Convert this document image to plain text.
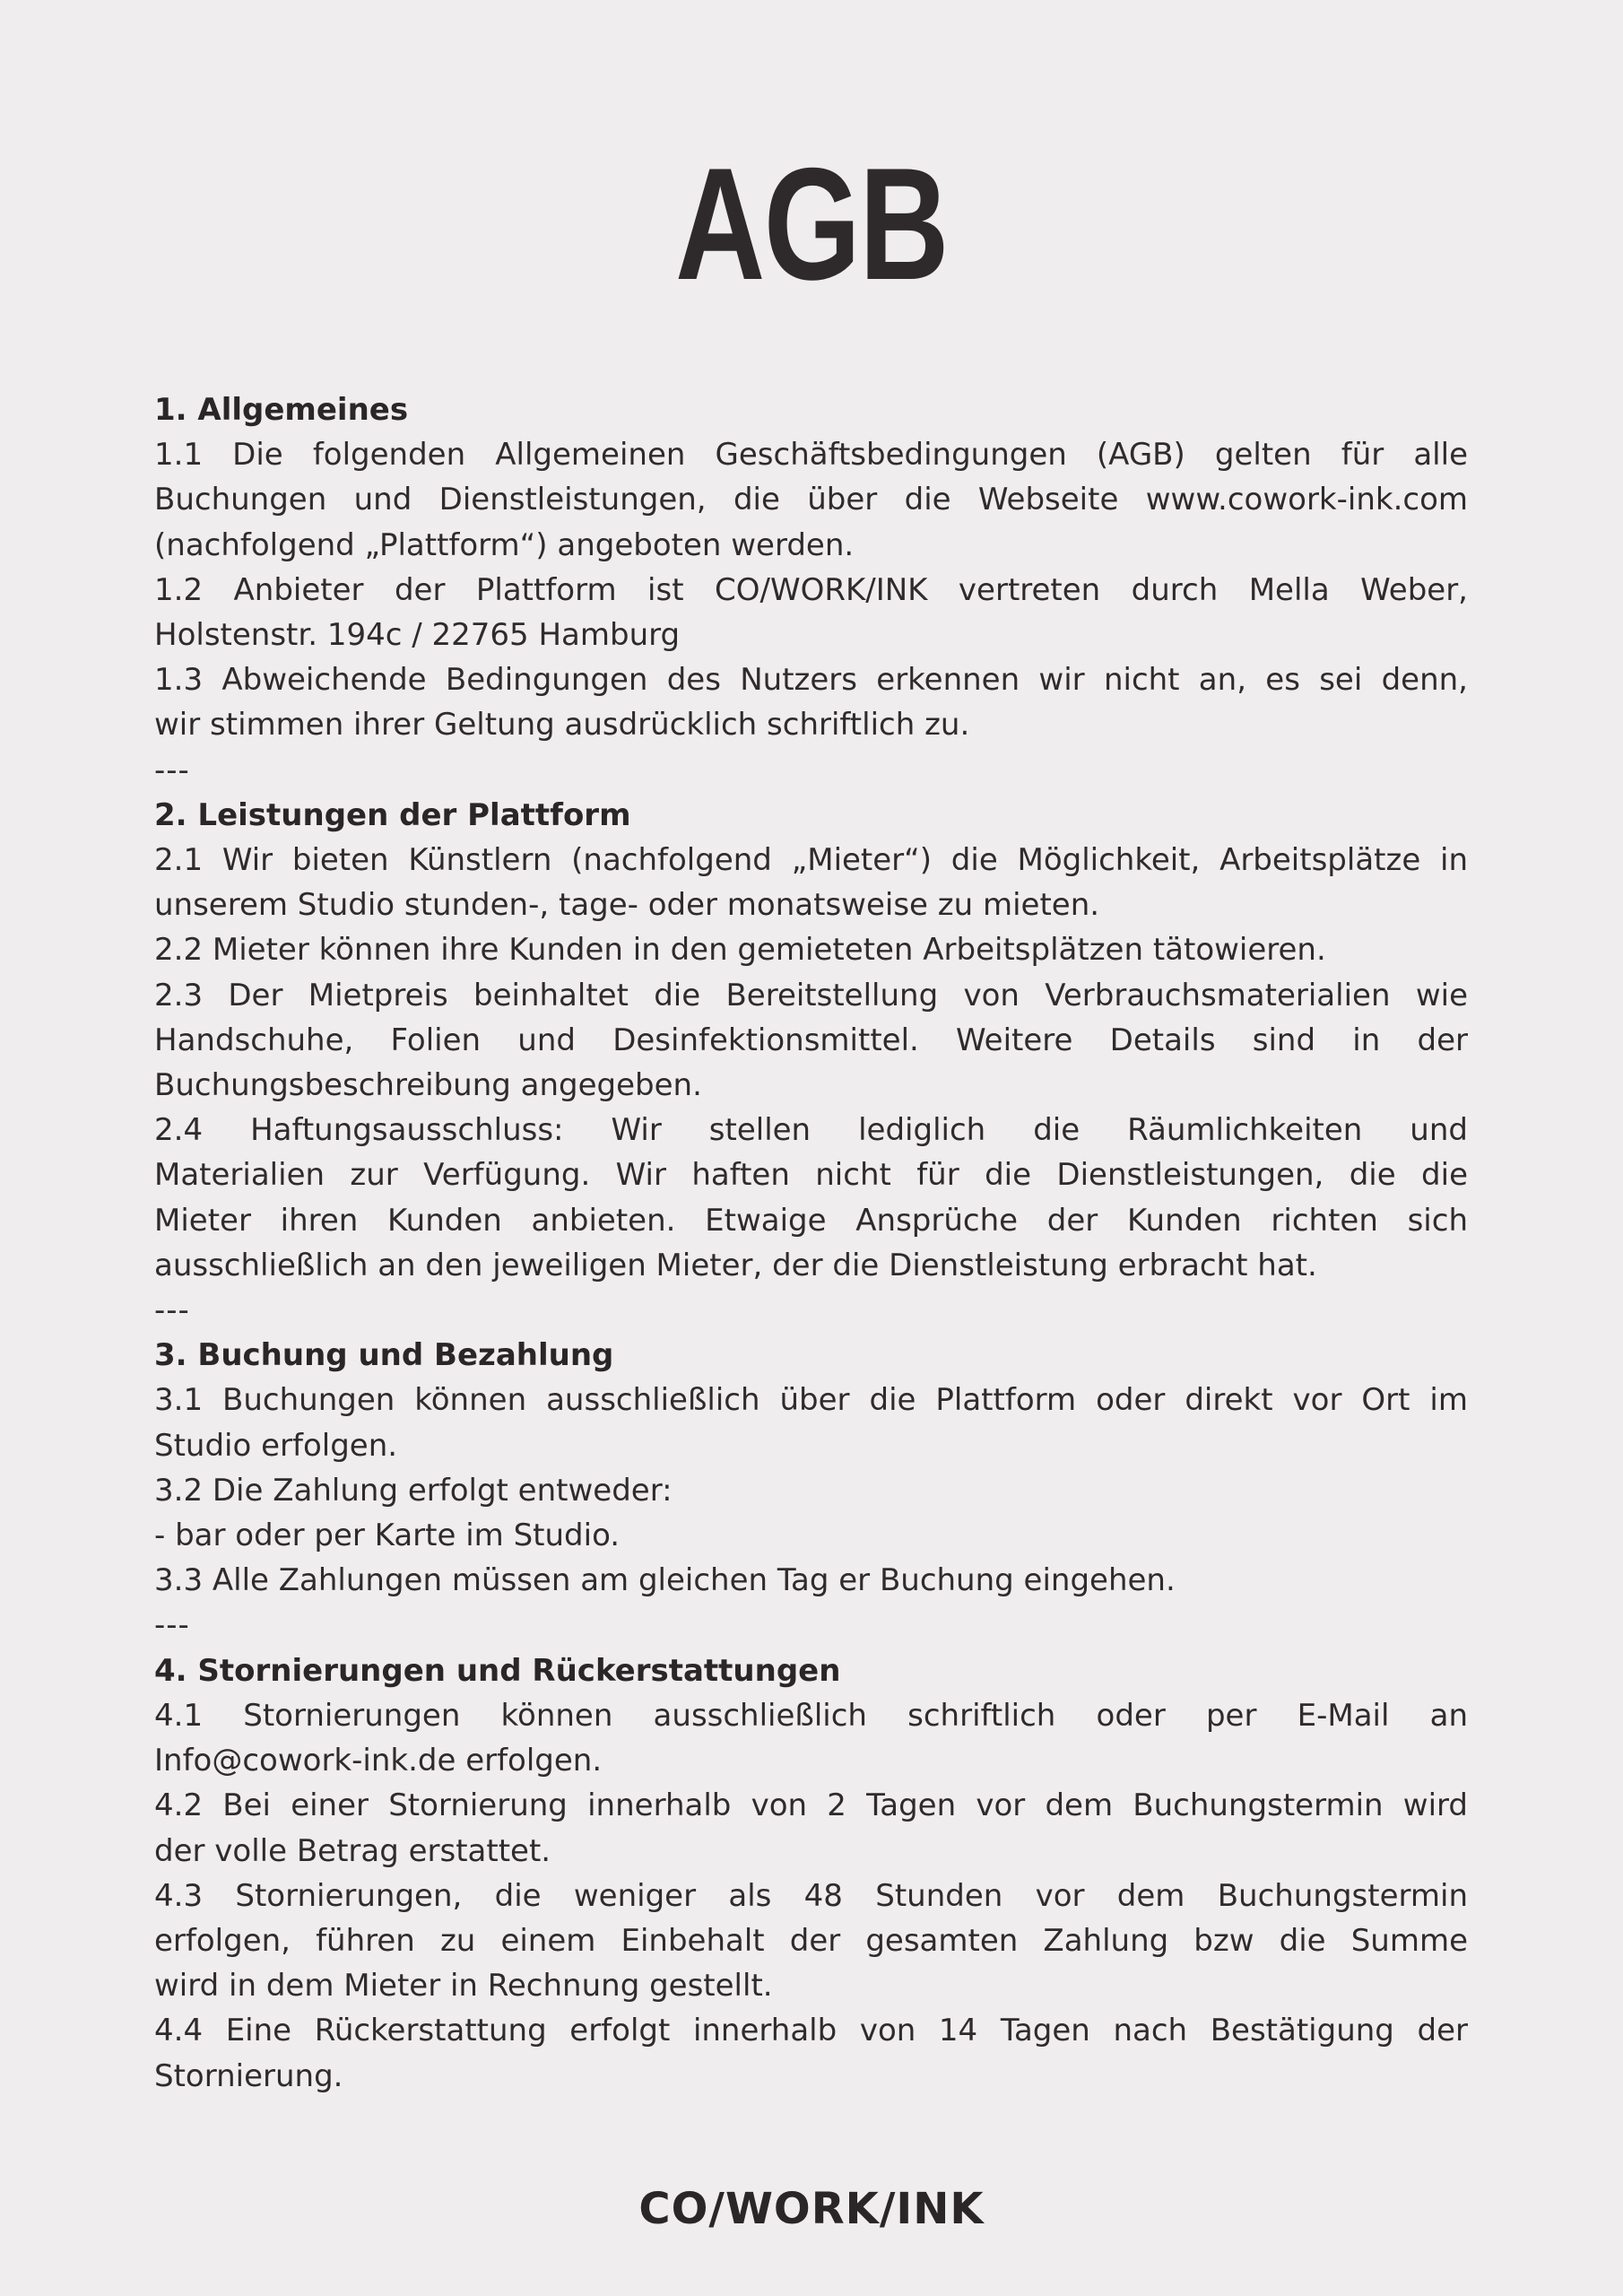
AGB
1. Allgemeines
1.1 Die folgenden Allgemeinen Geschäftsbedingungen (AGB) gelten für alle
Buchungen und Dienstleistungen, die über die Webseite www.cowork-ink.com
(nachfolgend „Plattform“) angeboten werden.
1.2 Anbieter der Plattform ist CO/WORK/INK vertreten durch Mella Weber,
Holstenstr. 194c / 22765 Hamburg
1.3 Abweichende Bedingungen des Nutzers erkennen wir nicht an, es sei denn,
wir stimmen ihrer Geltung ausdrücklich schriftlich zu.
---
2. Leistungen der Plattform
2.1 Wir bieten Künstlern (nachfolgend „Mieter“) die Möglichkeit, Arbeitsplätze in
unserem Studio stunden-, tage- oder monatsweise zu mieten.
2.2 Mieter können ihre Kunden in den gemieteten Arbeitsplätzen tätowieren.
2.3 Der Mietpreis beinhaltet die Bereitstellung von Verbrauchsmaterialien wie
Handschuhe, Folien und Desinfektionsmittel. Weitere Details sind in der
Buchungsbeschreibung angegeben.
2.4 Haftungsausschluss: Wir stellen lediglich die Räumlichkeiten und
Materialien zur Verfügung. Wir haften nicht für die Dienstleistungen, die die
Mieter ihren Kunden anbieten. Etwaige Ansprüche der Kunden richten sich
ausschließlich an den jeweiligen Mieter, der die Dienstleistung erbracht hat.
---
3. Buchung und Bezahlung
3.1 Buchungen können ausschließlich über die Plattform oder direkt vor Ort im
Studio erfolgen.
3.2 Die Zahlung erfolgt entweder:
- bar oder per Karte im Studio.
3.3 Alle Zahlungen müssen am gleichen Tag er Buchung eingehen.
---
4. Stornierungen und Rückerstattungen
4.1 Stornierungen können ausschließlich schriftlich oder per E-Mail an
Info@cowork-ink.de erfolgen.
4.2 Bei einer Stornierung innerhalb von 2 Tagen vor dem Buchungstermin wird
der volle Betrag erstattet.
4.3 Stornierungen, die weniger als 48 Stunden vor dem Buchungstermin
erfolgen, führen zu einem Einbehalt der gesamten Zahlung bzw die Summe
wird in dem Mieter in Rechnung gestellt.
4.4 Eine Rückerstattung erfolgt innerhalb von 14 Tagen nach Bestätigung der
Stornierung.
CO/WORK/INK
